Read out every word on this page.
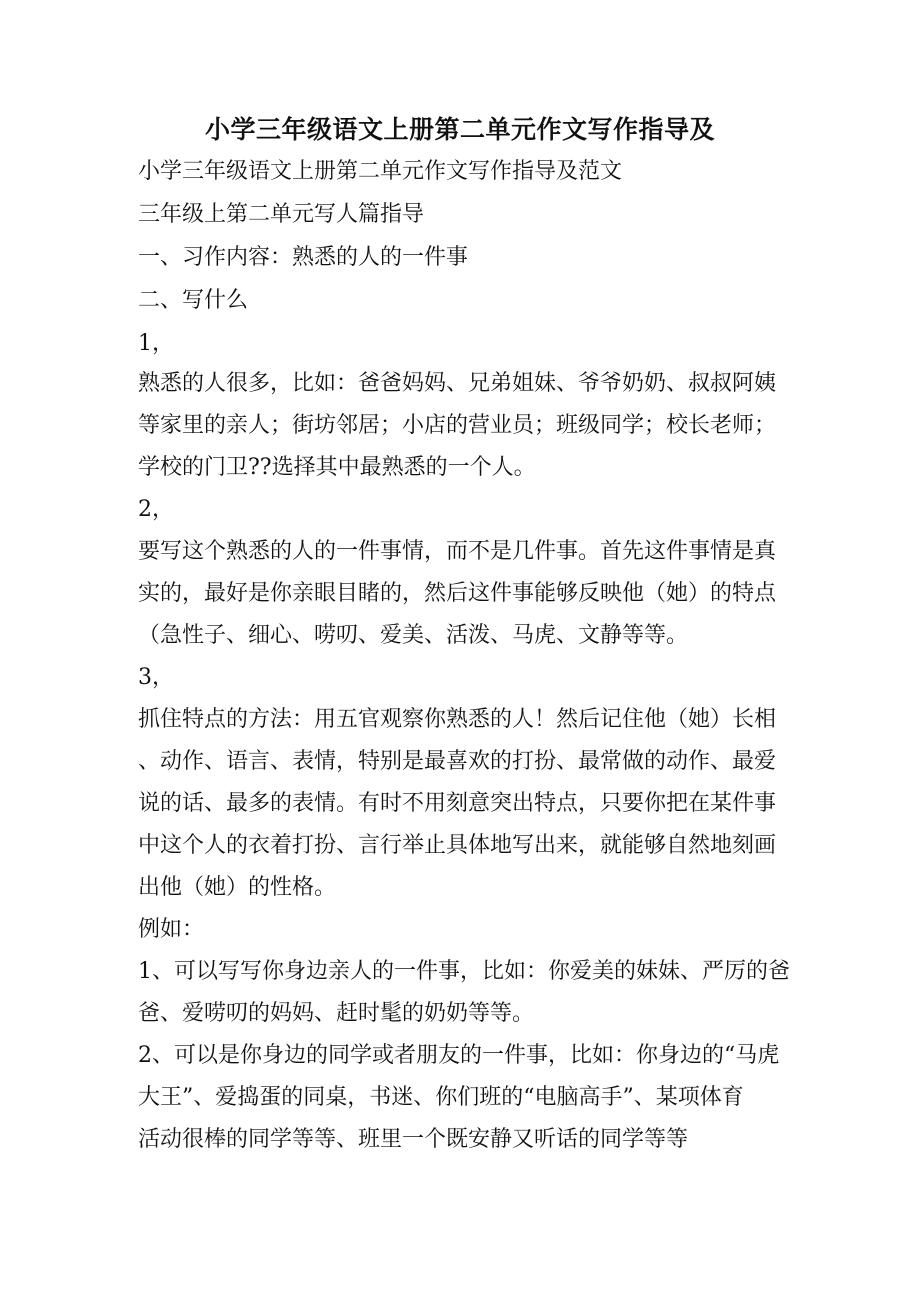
小学三年级语文上册第二单元作文写作指导及
小学三年级语文上册第二单元作文写作指导及范文
三年级上第二单元写人篇指导
一、习作内容：熟悉的人的一件事
二、写什么
1，
熟悉的人很多，比如：爸爸妈妈、兄弟姐妹、爷爷奶奶、叔叔阿姨
等家里的亲人；街坊邻居；小店的营业员；班级同学；校长老师；
学校的门卫??选择其中最熟悉的一个人。
2，
要写这个熟悉的人的一件事情，而不是几件事。首先这件事情是真
实的，最好是你亲眼目睹的，然后这件事能够反映他（她）的特点
（急性子、细心、唠叨、爱美、活泼、马虎、文静等等。
3，
抓住特点的方法：用五官观察你熟悉的人！然后记住他（她）长相
、动作、语言、表情，特别是最喜欢的打扮、最常做的动作、最爱
说的话、最多的表情。有时不用刻意突出特点，只要你把在某件事
中这个人的衣着打扮、言行举止具体地写出来，就能够自然地刻画
出他（她）的性格。
例如：
1、可以写写你身边亲人的一件事，比如：你爱美的妹妹、严厉的爸
爸、爱唠叨的妈妈、赶时髦的奶奶等等。
2、可以是你身边的同学或者朋友的一件事，比如：你身边的“马虎
大王”、爱捣蛋的同桌，书迷、你们班的“电脑高手”、某项体育
活动很棒的同学等等、班里一个既安静又听话的同学等等
